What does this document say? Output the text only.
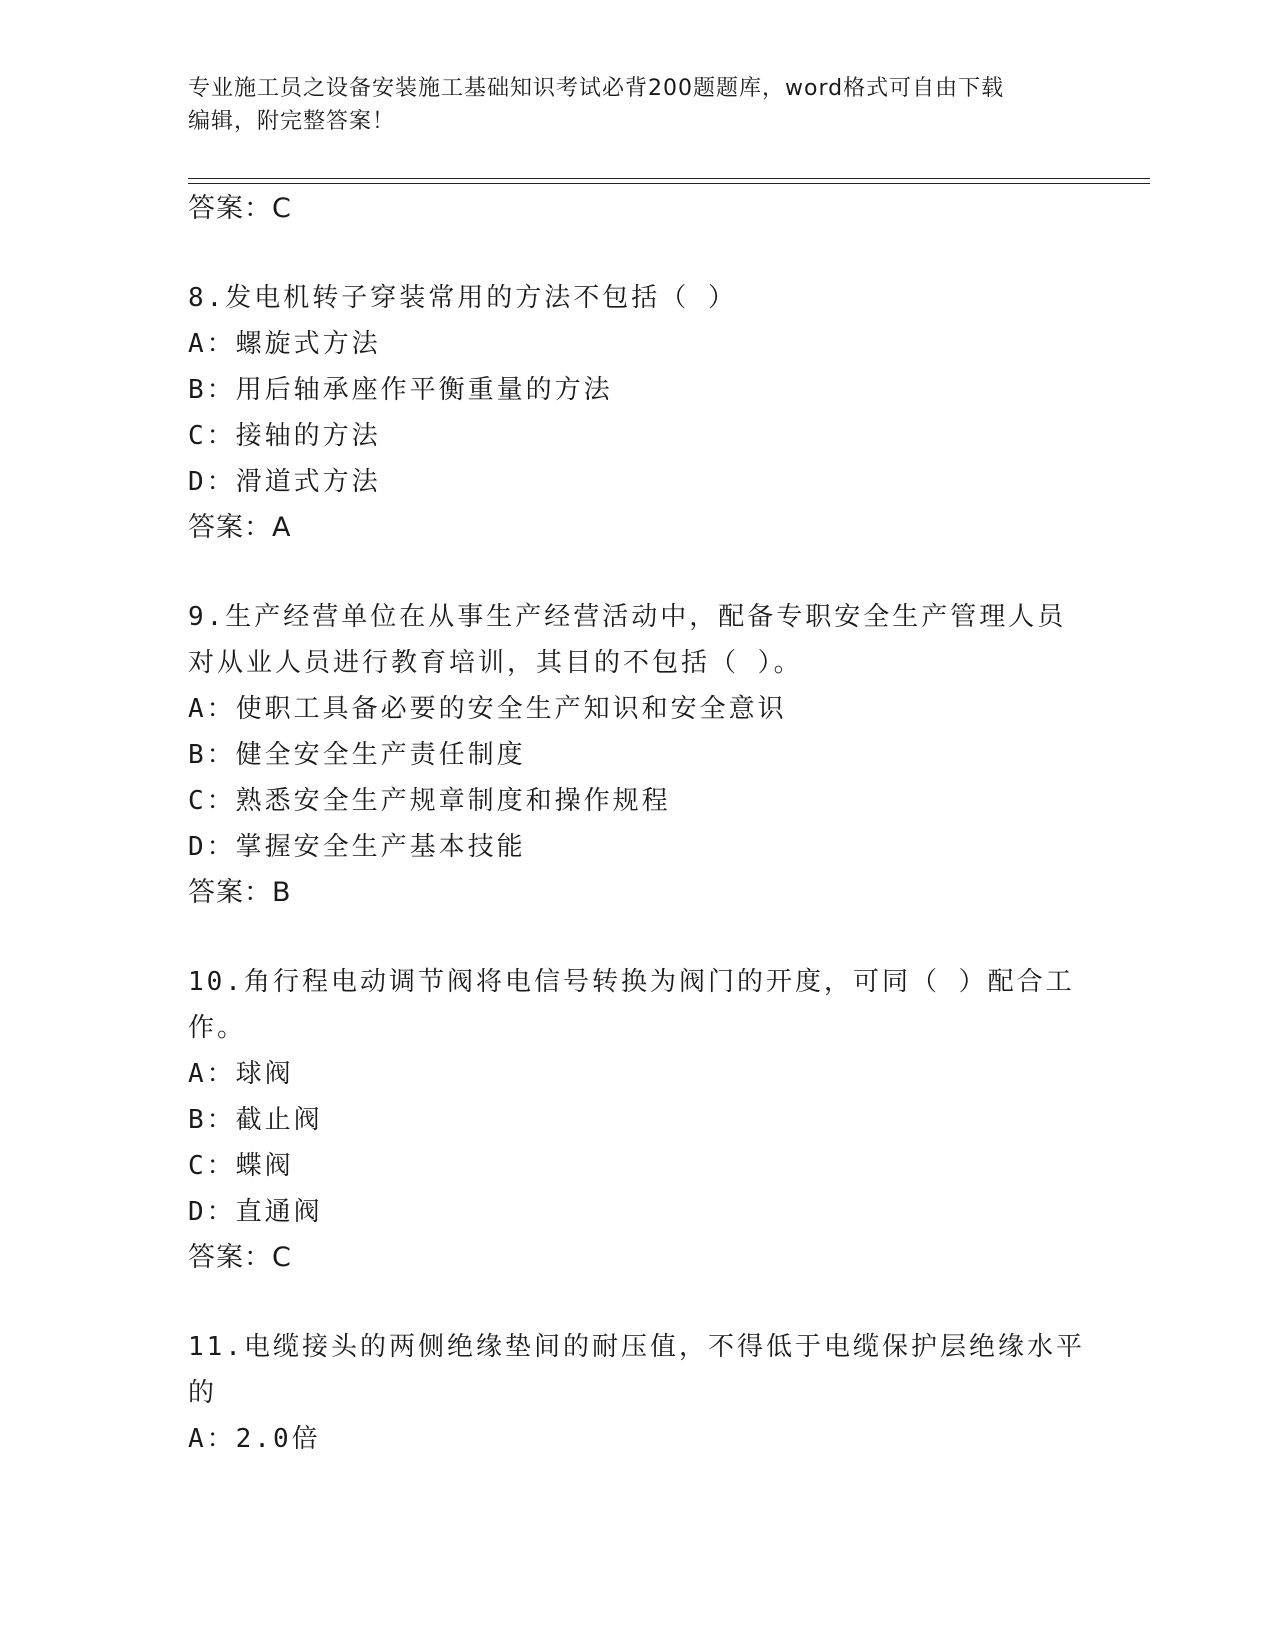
专业施工员之设备安装施工基础知识考试必背200题题库，word格式可自由下载
编辑，附完整答案！
答案：C
8.发电机转子穿装常用的方法不包括（ ）
A：螺旋式方法
B：用后轴承座作平衡重量的方法
C：接轴的方法
D：滑道式方法
答案：A
9.生产经营单位在从事生产经营活动中，配备专职安全生产管理人员
对从业人员进行教育培训，其目的不包括（ ）。
A：使职工具备必要的安全生产知识和安全意识
B：健全安全生产责任制度
C：熟悉安全生产规章制度和操作规程
D：掌握安全生产基本技能
答案：B
10.角行程电动调节阀将电信号转换为阀门的开度，可同（ ）配合工
作。
A：球阀
B：截止阀
C：蝶阀
D：直通阀
答案：C
11.电缆接头的两侧绝缘垫间的耐压值，不得低于电缆保护层绝缘水平
的
A：2.0倍
